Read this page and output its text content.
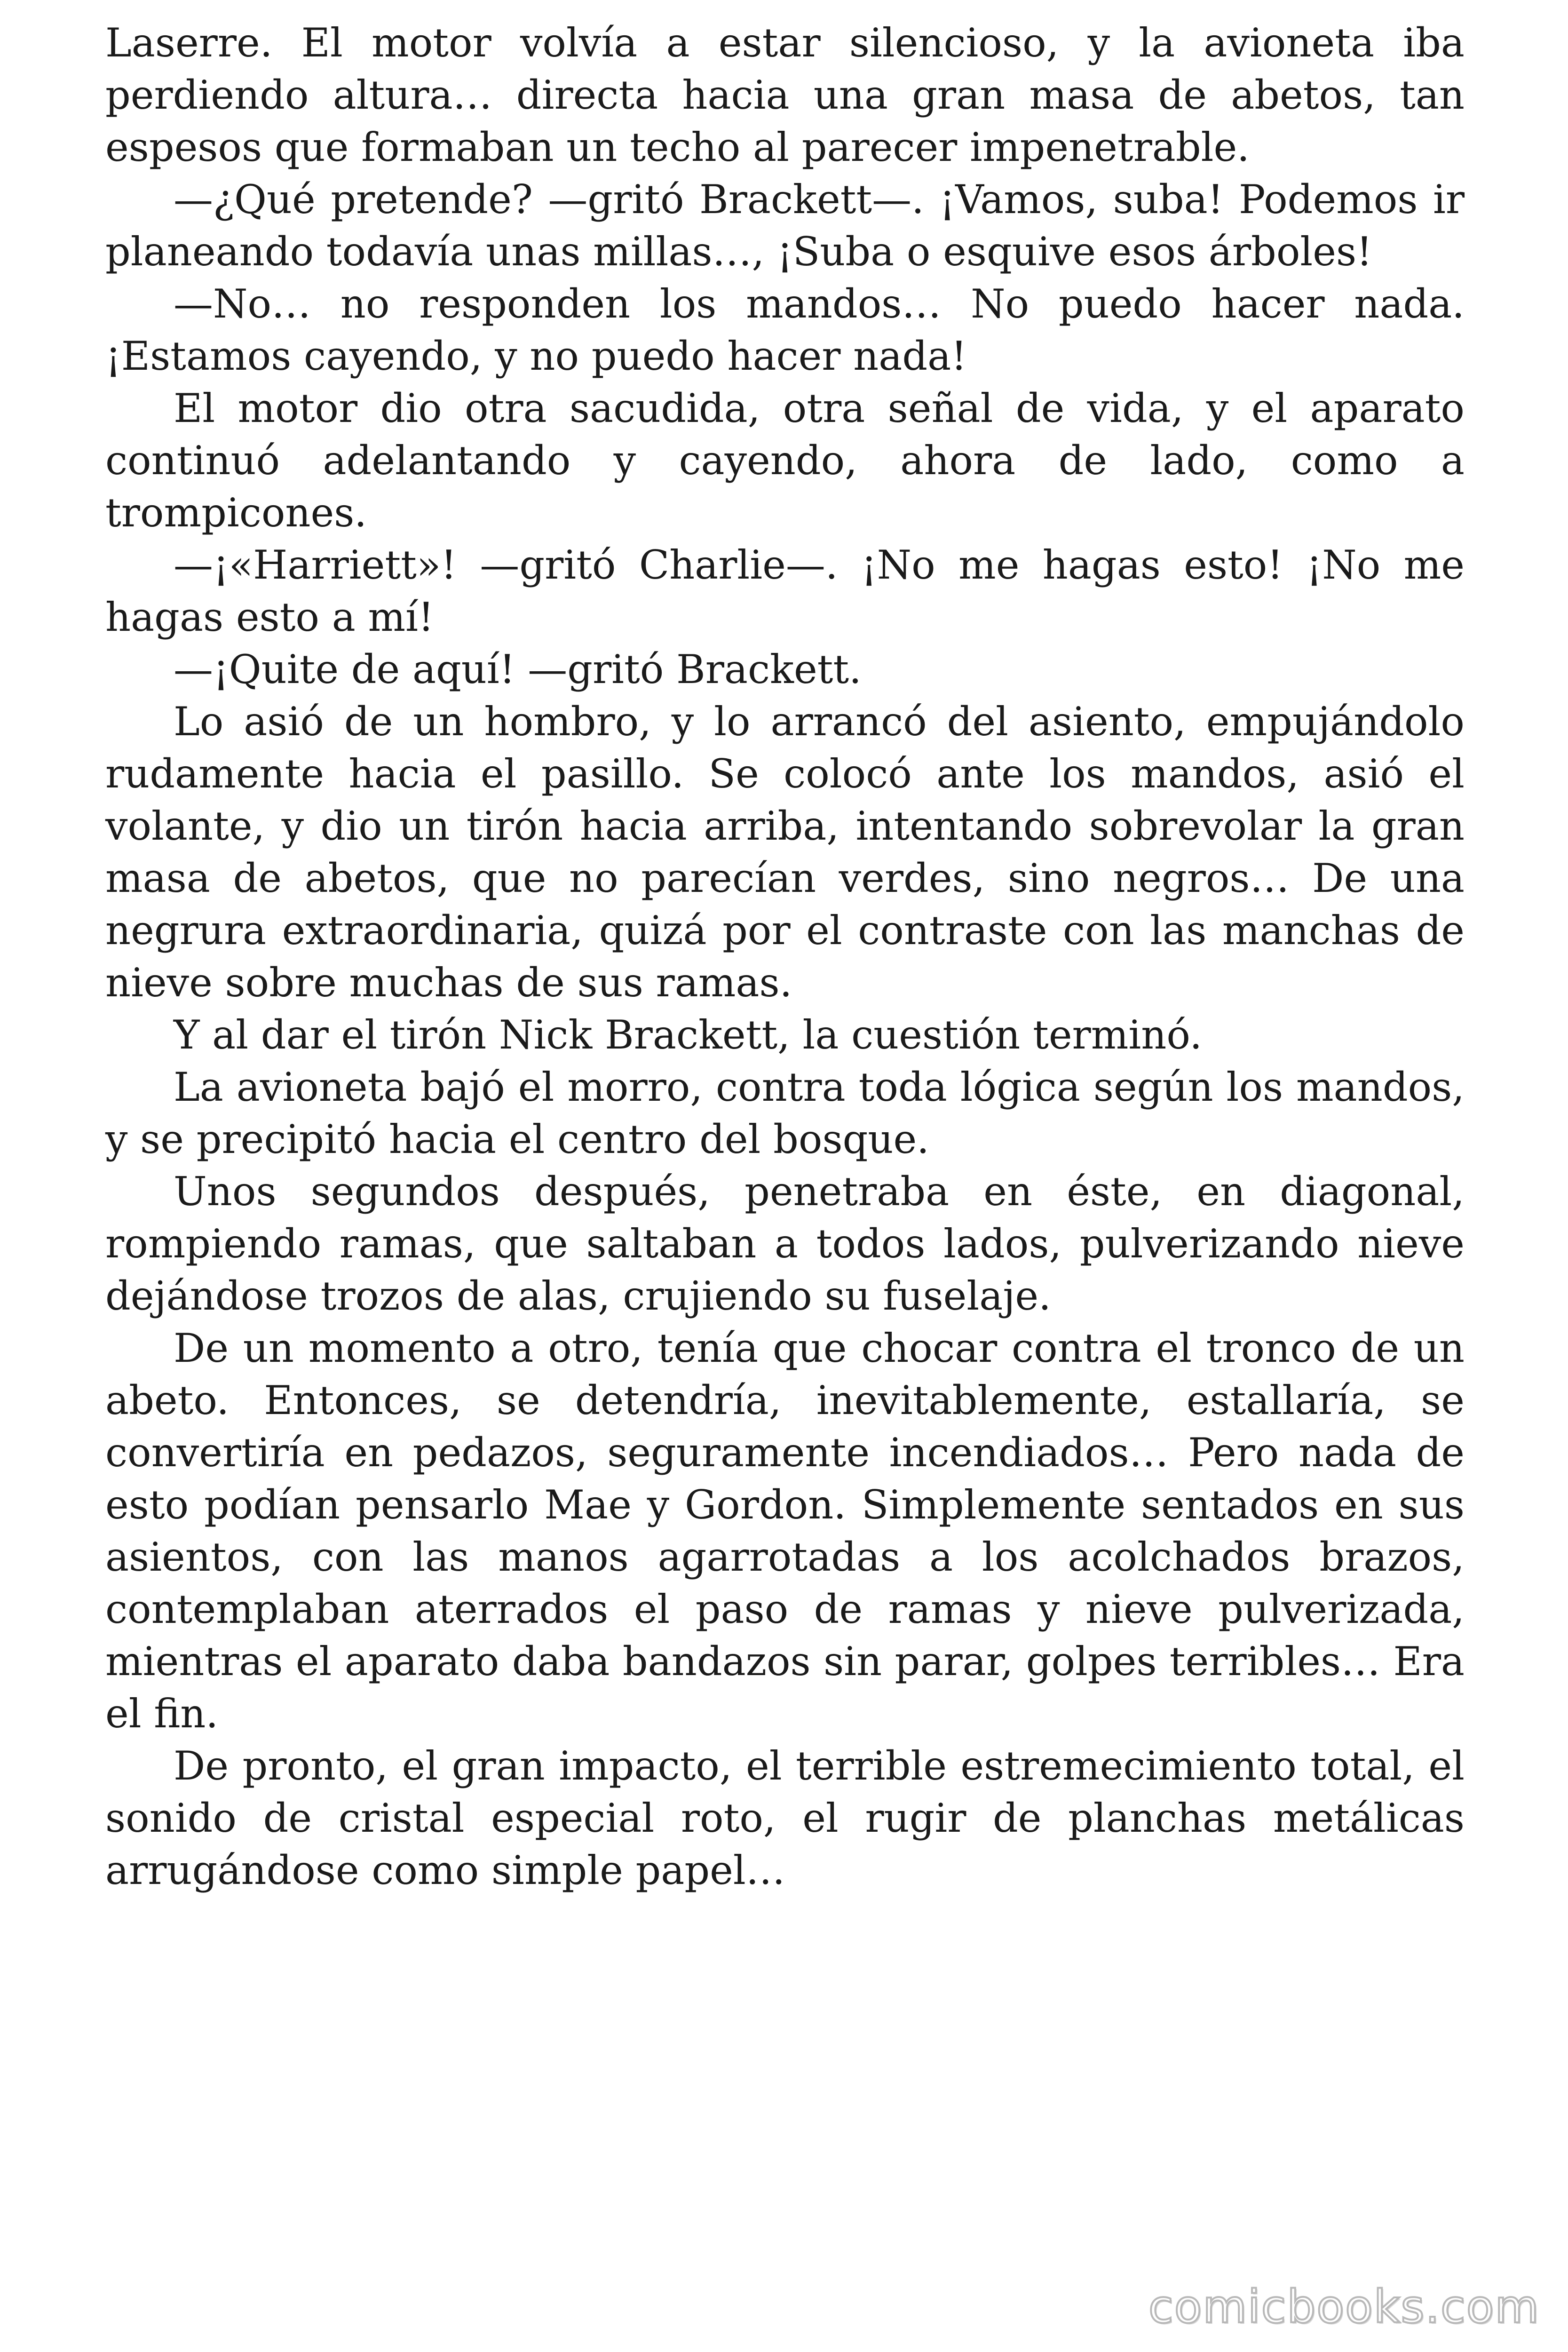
Laserre. El motor volvía a estar silencioso, y la avioneta iba perdiendo altura… directa hacia una gran masa de abetos, tan espesos que formaban un techo al parecer impenetrable.

—¿Qué pretende? —gritó Brackett—. ¡Vamos, suba! Podemos ir planeando todavía unas millas…, ¡Suba o esquive esos árboles!

—No… no responden los mandos… No puedo hacer nada. ¡Estamos cayendo, y no puedo hacer nada!

El motor dio otra sacudida, otra señal de vida, y el aparato continuó adelantando y cayendo, ahora de lado, como a trompicones.

—¡«Harriett»! —gritó Charlie—. ¡No me hagas esto! ¡No me hagas esto a mí!

—¡Quite de aquí! —gritó Brackett.

Lo asió de un hombro, y lo arrancó del asiento, empujándolo rudamente hacia el pasillo. Se colocó ante los mandos, asió el volante, y dio un tirón hacia arriba, intentando sobrevolar la gran masa de abetos, que no parecían verdes, sino negros… De una negrura extraordinaria, quizá por el contraste con las manchas de nieve sobre muchas de sus ramas.

Y al dar el tirón Nick Brackett, la cuestión terminó.

La avioneta bajó el morro, contra toda lógica según los mandos, y se precipitó hacia el centro del bosque.

Unos segundos después, penetraba en éste, en diagonal, rompiendo ramas, que saltaban a todos lados, pulverizando nieve dejándose trozos de alas, crujiendo su fuselaje.

De un momento a otro, tenía que chocar contra el tronco de un abeto. Entonces, se detendría, inevitablemente, estallaría, se convertiría en pedazos, seguramente incendiados… Pero nada de esto podían pensarlo Mae y Gordon. Simplemente sentados en sus asientos, con las manos agarrotadas a los acolchados brazos, contemplaban aterrados el paso de ramas y nieve pulverizada, mientras el aparato daba bandazos sin parar, golpes terribles… Era el fin.

De pronto, el gran impacto, el terrible estremecimiento total, el sonido de cristal especial roto, el rugir de planchas metálicas arrugándose como simple papel…

comicbooks.com
